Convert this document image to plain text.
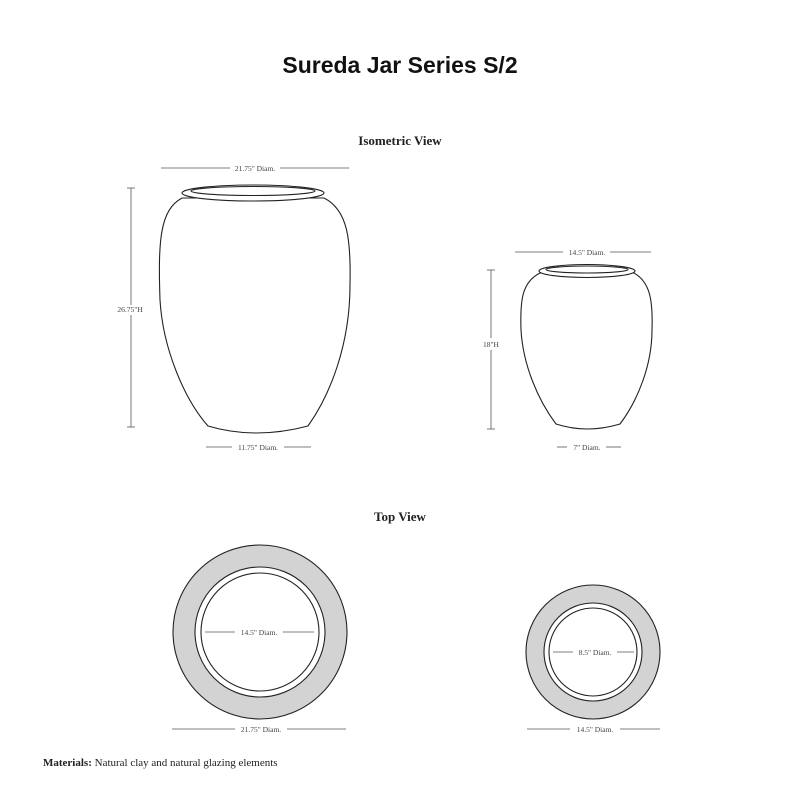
Sureda Jar Series S/2
Isometric View
Top View
21.75" Diam.
26.75"H
11.75" Diam.
14.5" Diam.
18"H
7" Diam.
14.5" Diam.
21.75" Diam.
8.5" Diam.
14.5" Diam.
Materials: Natural clay and natural glazing elements
